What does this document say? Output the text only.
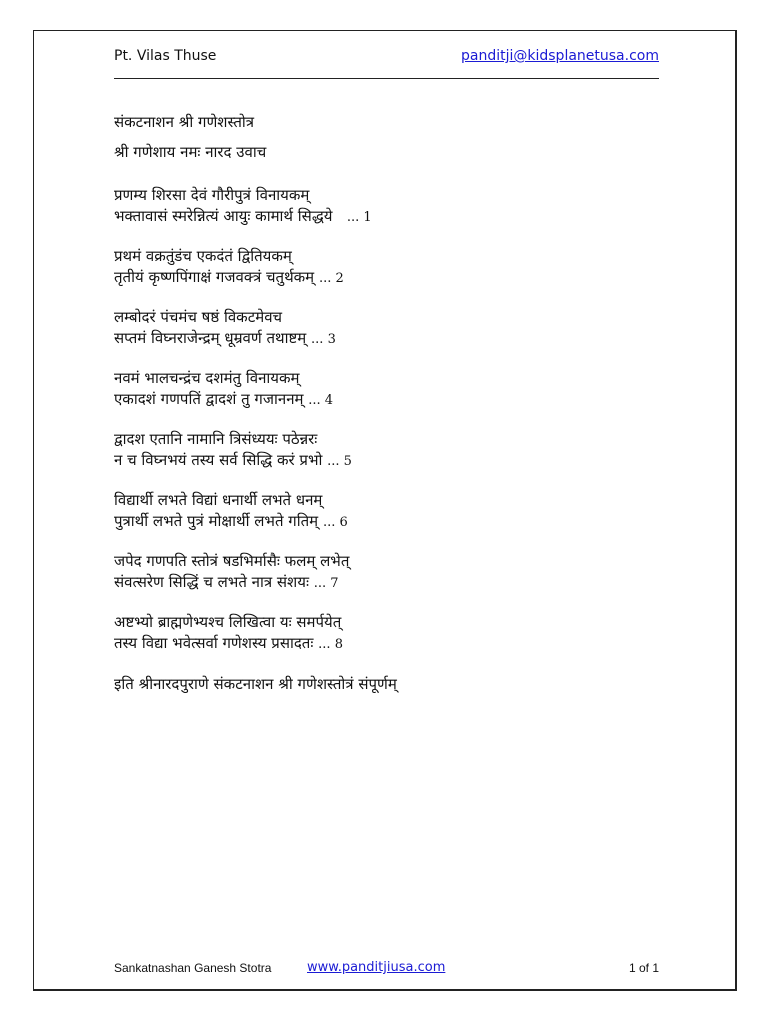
Pt. Vilas Thuse	panditji@kidsplanetusa.com
संकटनाशन श्री गणेशस्तोत्र
श्री गणेशाय नमः नारद उवाच
प्रणम्य शिरसा देवं गौरीपुत्रं विनायकम्
भक्तावासं स्मरेन्नित्यं आयुः कामार्थ सिद्धये ... 1
प्रथमं वक्रतुंडंच एकदंतं द्वितियकम्
तृतीयं कृष्णपिंगाक्षं गजवक्त्रं चतुर्थकम् ... 2
लम्बोदरं पंचमंच षष्ठं विकटमेवच
सप्तमं विघ्नराजेन्द्रम् धूम्रवर्ण तथाष्टम् ... 3
नवमं भालचन्द्रंच दशमंतु विनायकम्
एकादशं गणपतिं द्वादशं तु गजाननम् ... 4
द्वादश एतानि नामानि त्रिसंध्ययः पठेन्नरः
न च विघ्नभयं तस्य सर्व सिद्धि करं प्रभो ... 5
विद्यार्थी लभते विद्यां धनार्थी लभते धनम्
पुत्रार्थी लभते पुत्रं मोक्षार्थी लभते गतिम् ... 6
जपेद गणपति स्तोत्रं षडभिर्मासैः फलम् लभेत्
संवत्सरेण सिद्धिं च लभते नात्र संशयः ... 7
अष्टभ्यो ब्राह्मणेभ्यश्च लिखित्वा यः समर्पयेत्
तस्य विद्या भवेत्सर्वा गणेशस्य प्रसादतः ... 8
इति श्रीनारदपुराणे संकटनाशन श्री गणेशस्तोत्रं संपूर्णम्
Sankatnashan Ganesh Stotra	www.panditjiusa.com	1 of 1
